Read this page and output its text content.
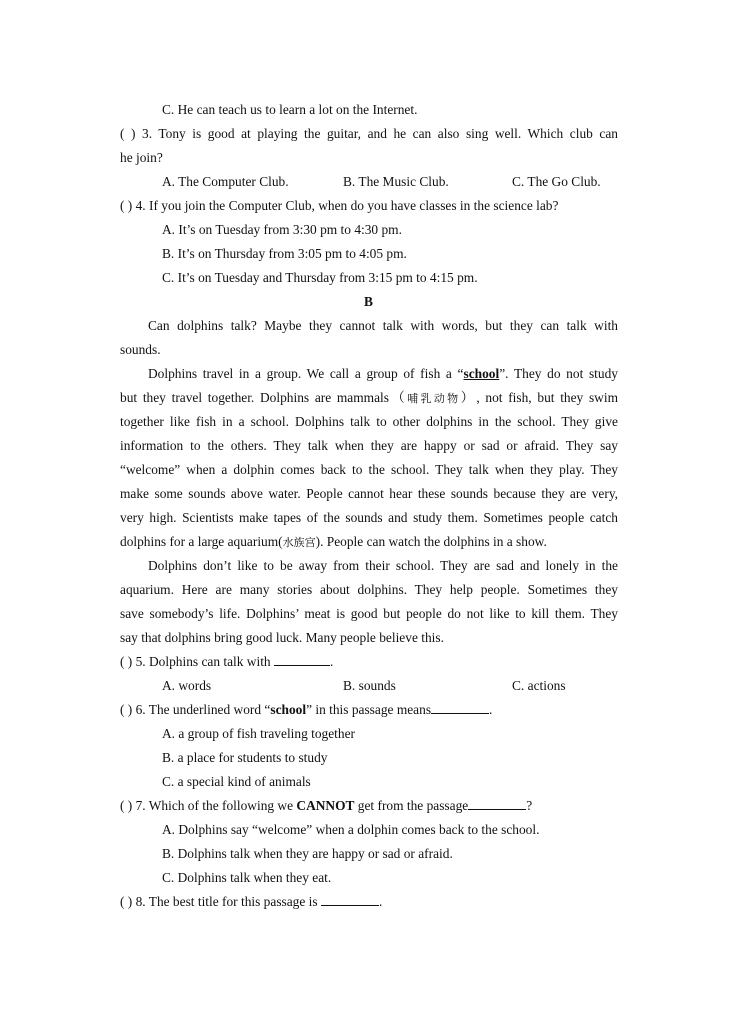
C. He can teach us to learn a lot on the Internet.
( ) 3. Tony is good at playing the guitar, and he can also sing well. Which club can
he join?
A. The Computer Club.	B. The Music Club.	C. The Go Club.
( ) 4. If you join the Computer Club, when do you have classes in the science lab?
A. It’s on Tuesday from 3:30 pm to 4:30 pm.
B. It’s on Thursday from 3:05 pm to 4:05 pm.
C. It’s on Tuesday and Thursday from 3:15 pm to 4:15 pm.
B
Can dolphins talk? Maybe they cannot talk with words, but they can talk with
sounds.
Dolphins travel in a group. We call a group of fish a “school”. They do not study
but they travel together. Dolphins are mammals（哺乳动物）, not fish, but they swim
together like fish in a school. Dolphins talk to other dolphins in the school. They give
information to the others. They talk when they are happy or sad or afraid. They say
“welcome” when a dolphin comes back to the school. They talk when they play. They
make some sounds above water. People cannot hear these sounds because they are very,
very high. Scientists make tapes of the sounds and study them. Sometimes people catch
dolphins for a large aquarium(水族宫). People can watch the dolphins in a show.
Dolphins don’t like to be away from their school. They are sad and lonely in the
aquarium. Here are many stories about dolphins. They help people. Sometimes they
save somebody’s life. Dolphins’ meat is good but people do not like to kill them. They
say that dolphins bring good luck. Many people believe this.
( ) 5. Dolphins can talk with	.
A. words	B. sounds	C. actions
( ) 6. The underlined word “school” in this passage means	.
A. a group of fish traveling together
B. a place for students to study
C. a special kind of animals
( ) 7. Which of the following we CANNOT get from the passage	?
A. Dolphins say “welcome” when a dolphin comes back to the school.
B. Dolphins talk when they are happy or sad or afraid.
C. Dolphins talk when they eat.
( ) 8. The best title for this passage is	.
